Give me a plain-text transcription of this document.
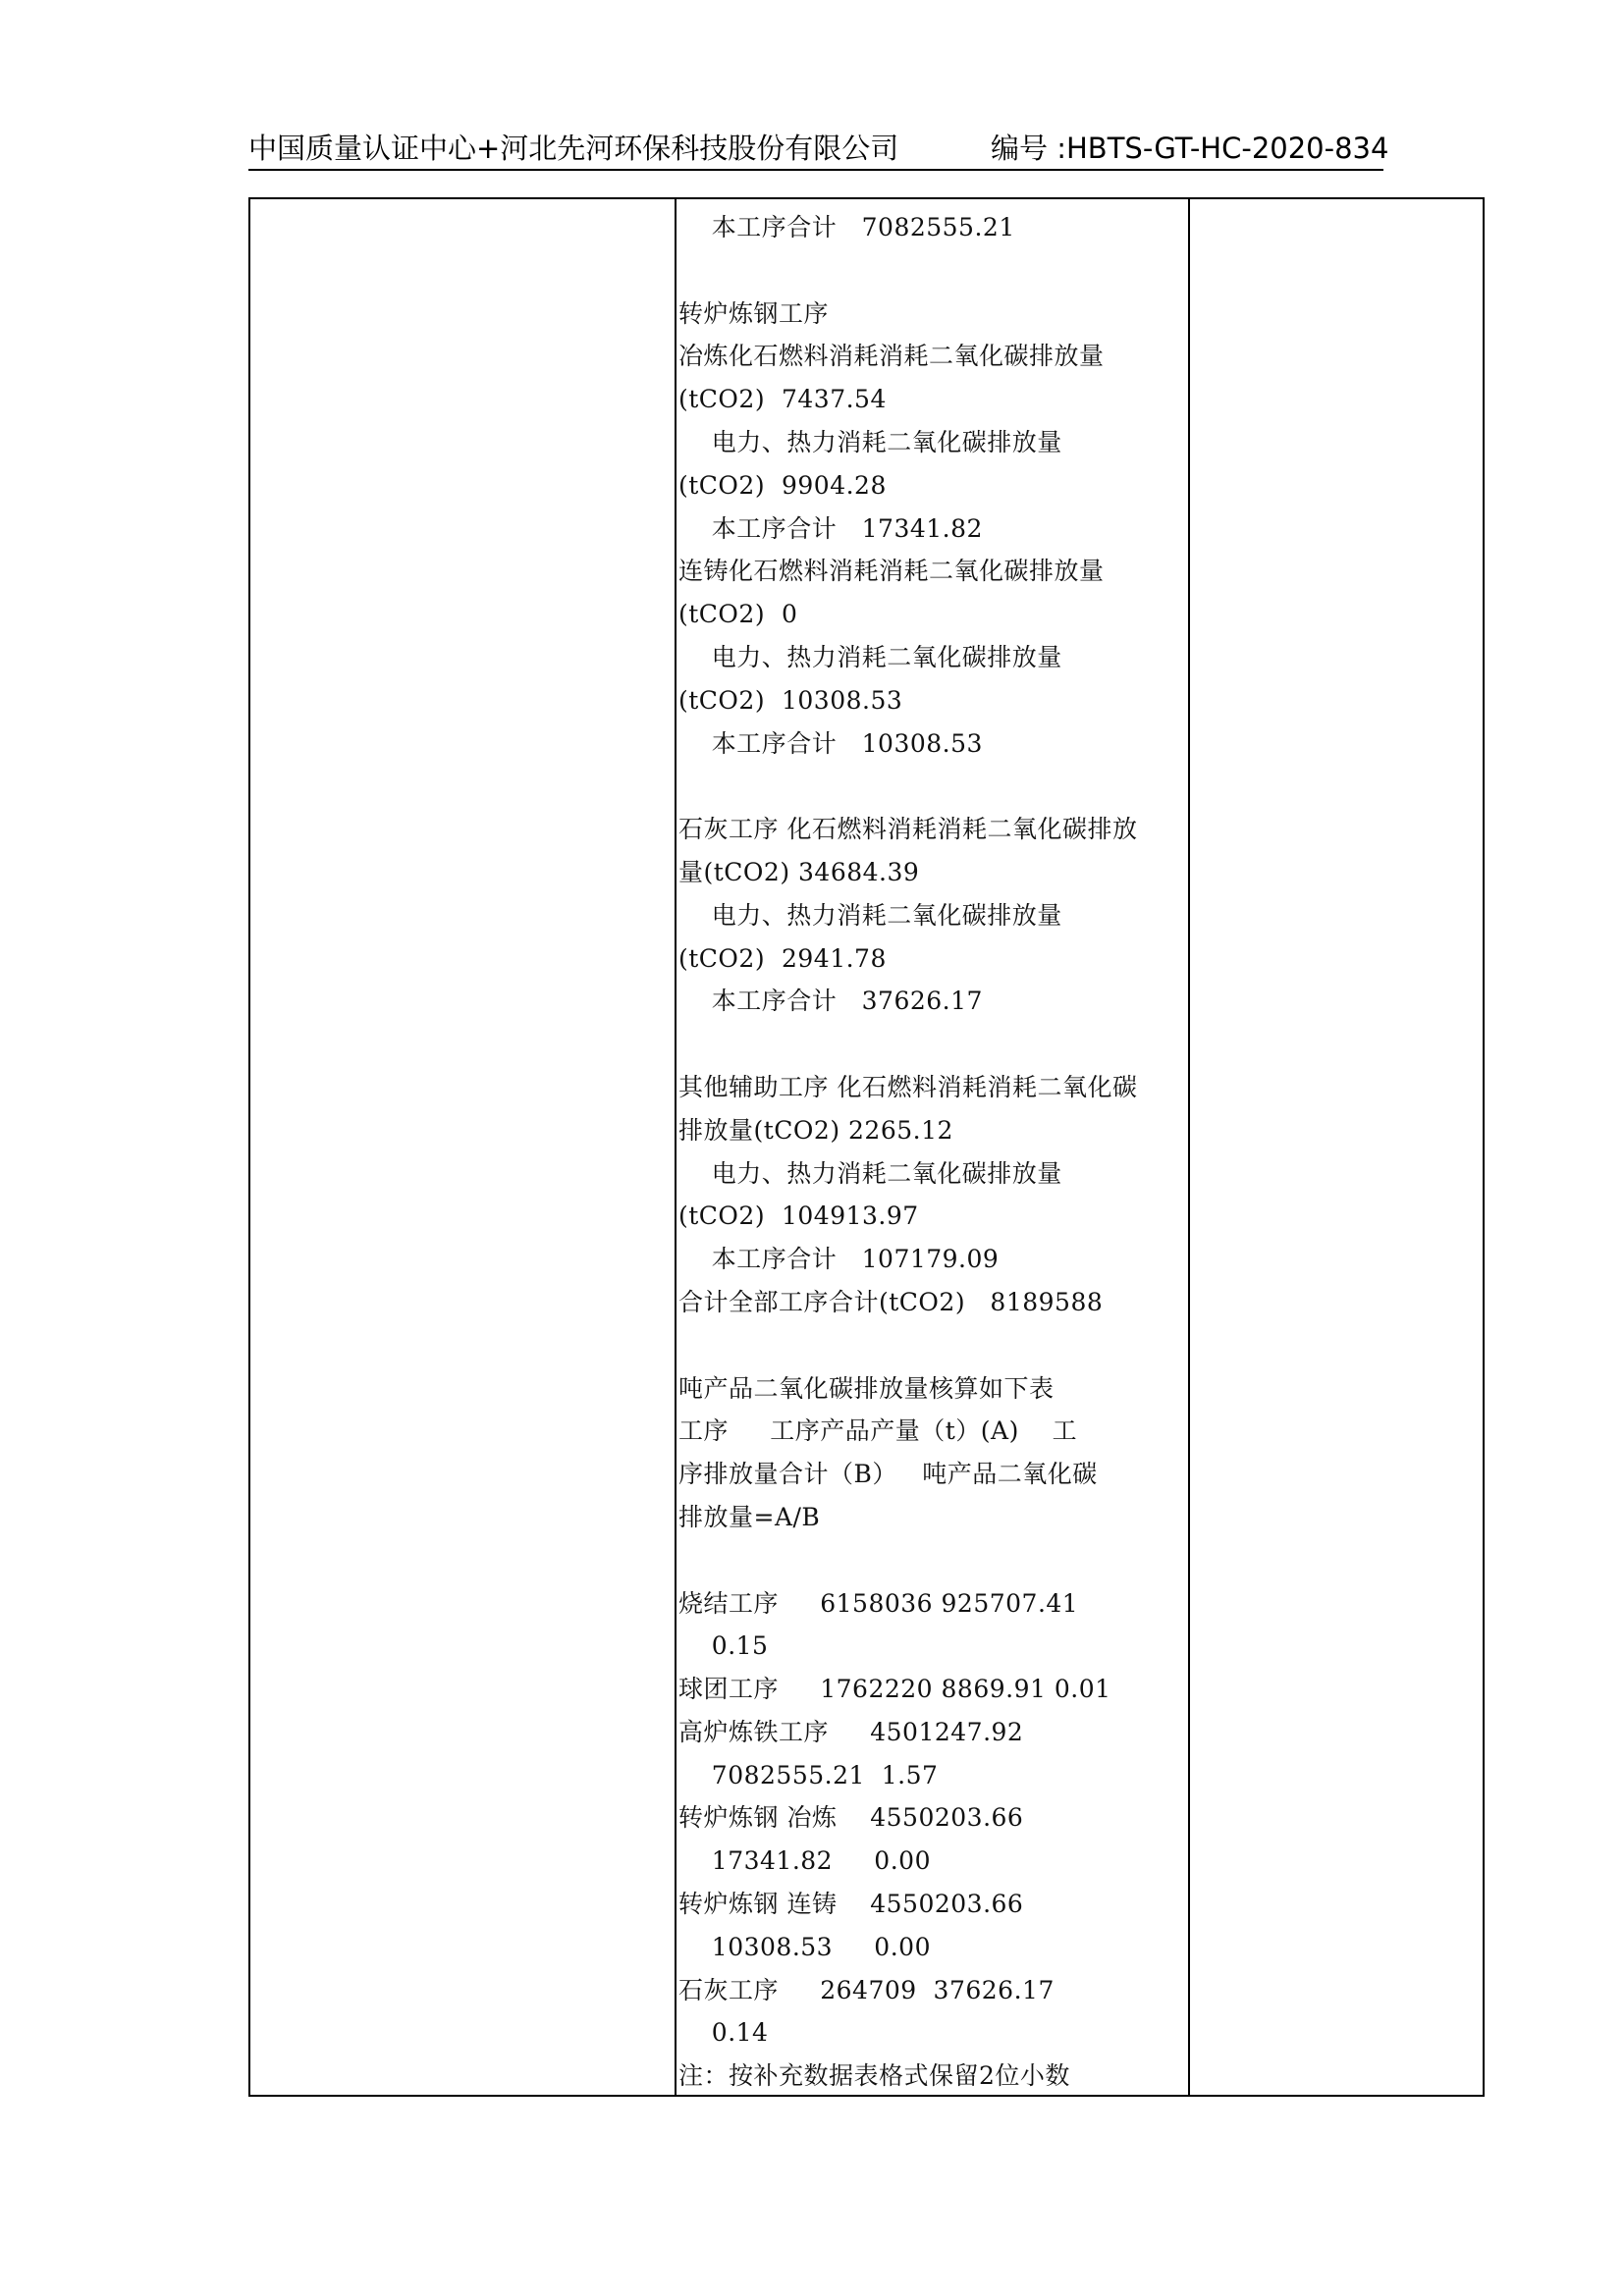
中国质量认证中心+河北先河环保科技股份有限公司	编号 :HBTS-GT-HC-2020-834
本工序合计   7082555.21
转炉炼钢工序
冶炼化石燃料消耗消耗二氧化碳排放量
(tCO2)  7437.54
电力、热力消耗二氧化碳排放量
(tCO2)  9904.28
本工序合计   17341.82
连铸化石燃料消耗消耗二氧化碳排放量
(tCO2)  0
电力、热力消耗二氧化碳排放量
(tCO2)  10308.53
本工序合计   10308.53
石灰工序 化石燃料消耗消耗二氧化碳排放
量(tCO2) 34684.39
电力、热力消耗二氧化碳排放量
(tCO2)  2941.78
本工序合计   37626.17
其他辅助工序 化石燃料消耗消耗二氧化碳
排放量(tCO2) 2265.12
电力、热力消耗二氧化碳排放量
(tCO2)  104913.97
本工序合计   107179.09
合计全部工序合计(tCO2)   8189588
吨产品二氧化碳排放量核算如下表
工序     工序产品产量（t）(A)    工
序排放量合计（B）   吨产品二氧化碳
排放量=A/B
烧结工序     6158036 925707.41
0.15
球团工序     1762220 8869.91 0.01
高炉炼铁工序     4501247.92
7082555.21  1.57
转炉炼钢 冶炼    4550203.66
17341.82     0.00
转炉炼钢 连铸    4550203.66
10308.53     0.00
石灰工序     264709  37626.17
0.14
注：按补充数据表格式保留2位小数
